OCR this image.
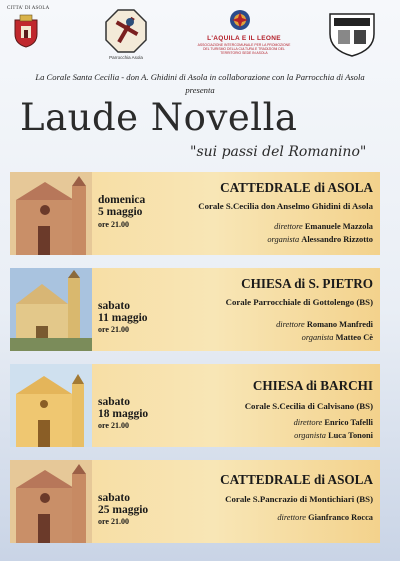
CITTA' DI ASOLA
Parrocchia Asola
L'AQUILA E IL LEONE
ASSOCIAZIONE INTERCOMUNALE PER LA PROMOZIONE DEL TURISMO DELLA CULTURA E TRADIZIONI DEL TERRITORIO SEDE IN ASOLA
La Corale Santa Cecilia - don A. Ghidini di Asola in collaborazione con la Parrocchia di Asola
presenta
Laude Novella
"sui passi del Romanino"
domenica
5 maggio
ore 21.00
CATTEDRALE di ASOLA
Corale S.Cecilia don Anselmo Ghidini di Asola
direttore Emanuele Mazzola
organista Alessandro Rizzotto
sabato
11 maggio
ore 21.00
CHIESA di S. PIETRO
Corale Parrocchiale di Gottolengo (BS)
direttore Romano Manfredi
organista Matteo Cè
sabato
18 maggio
ore 21.00
CHIESA di BARCHI
Corale S.Cecilia di Calvisano (BS)
direttore Enrico Tafelli
organista Luca Tononi
sabato
25 maggio
ore 21.00
CATTEDRALE di ASOLA
Corale S.Pancrazio di Montichiari (BS)
direttore Gianfranco Rocca
